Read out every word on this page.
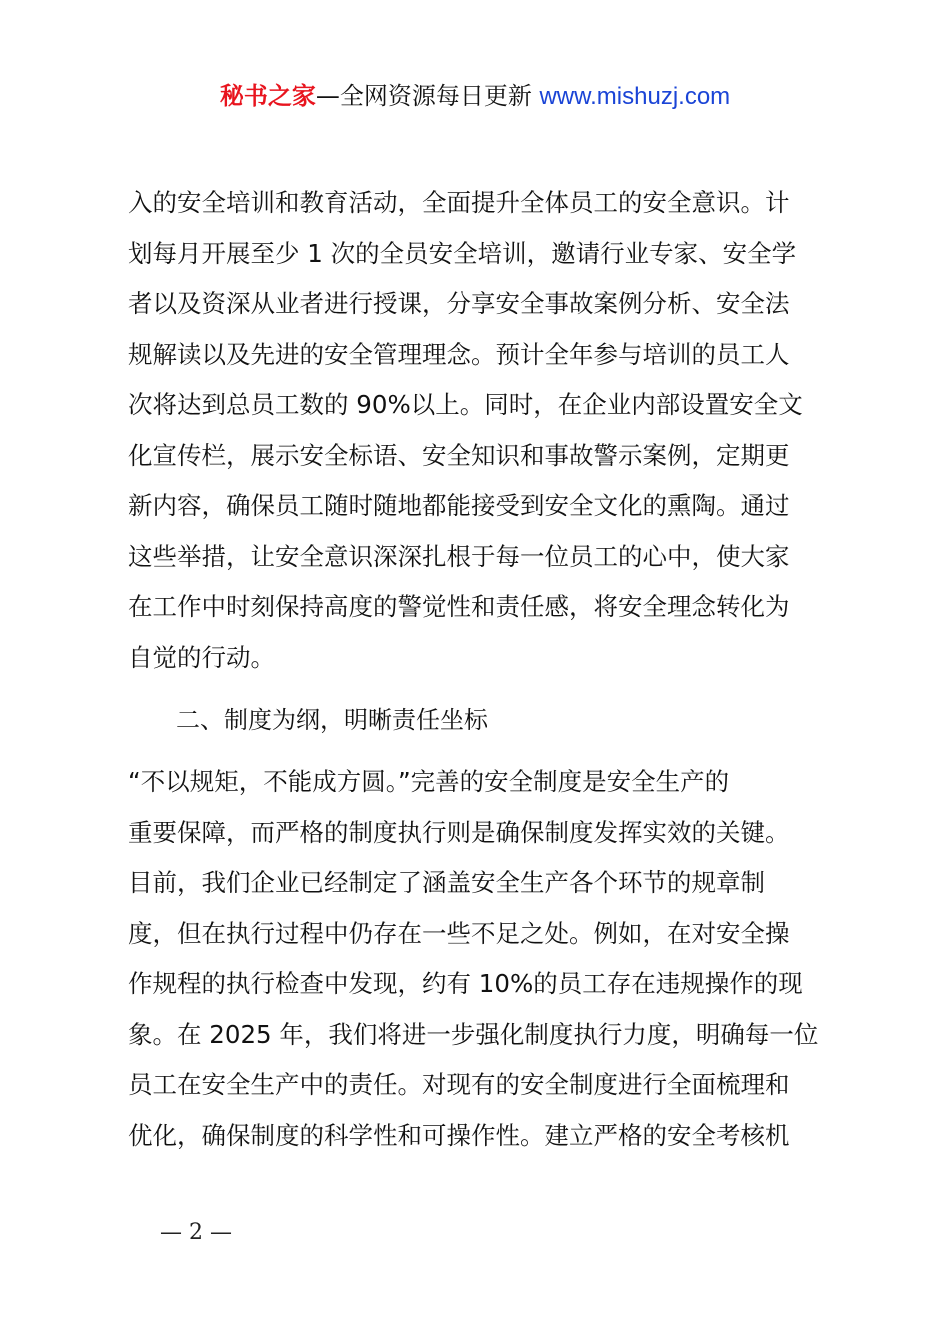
秘书之家—全网资源每日更新 www.mishuzj.com
入的安全培训和教育活动，全面提升全体员工的安全意识。计
划每月开展至少 1 次的全员安全培训，邀请行业专家、安全学
者以及资深从业者进行授课，分享安全事故案例分析、安全法
规解读以及先进的安全管理理念。预计全年参与培训的员工人
次将达到总员工数的 90%以上。同时，在企业内部设置安全文
化宣传栏，展示安全标语、安全知识和事故警示案例，定期更
新内容，确保员工随时随地都能接受到安全文化的熏陶。通过
这些举措，让安全意识深深扎根于每一位员工的心中，使大家
在工作中时刻保持高度的警觉性和责任感，将安全理念转化为
自觉的行动。
二、制度为纲，明晰责任坐标
“不以规矩，不能成方圆。”完善的安全制度是安全生产的
重要保障，而严格的制度执行则是确保制度发挥实效的关键。
目前，我们企业已经制定了涵盖安全生产各个环节的规章制
度，但在执行过程中仍存在一些不足之处。例如，在对安全操
作规程的执行检查中发现，约有 10%的员工存在违规操作的现
象。在 2025 年，我们将进一步强化制度执行力度，明确每一位
员工在安全生产中的责任。对现有的安全制度进行全面梳理和
优化，确保制度的科学性和可操作性。建立严格的安全考核机
— 2 —
